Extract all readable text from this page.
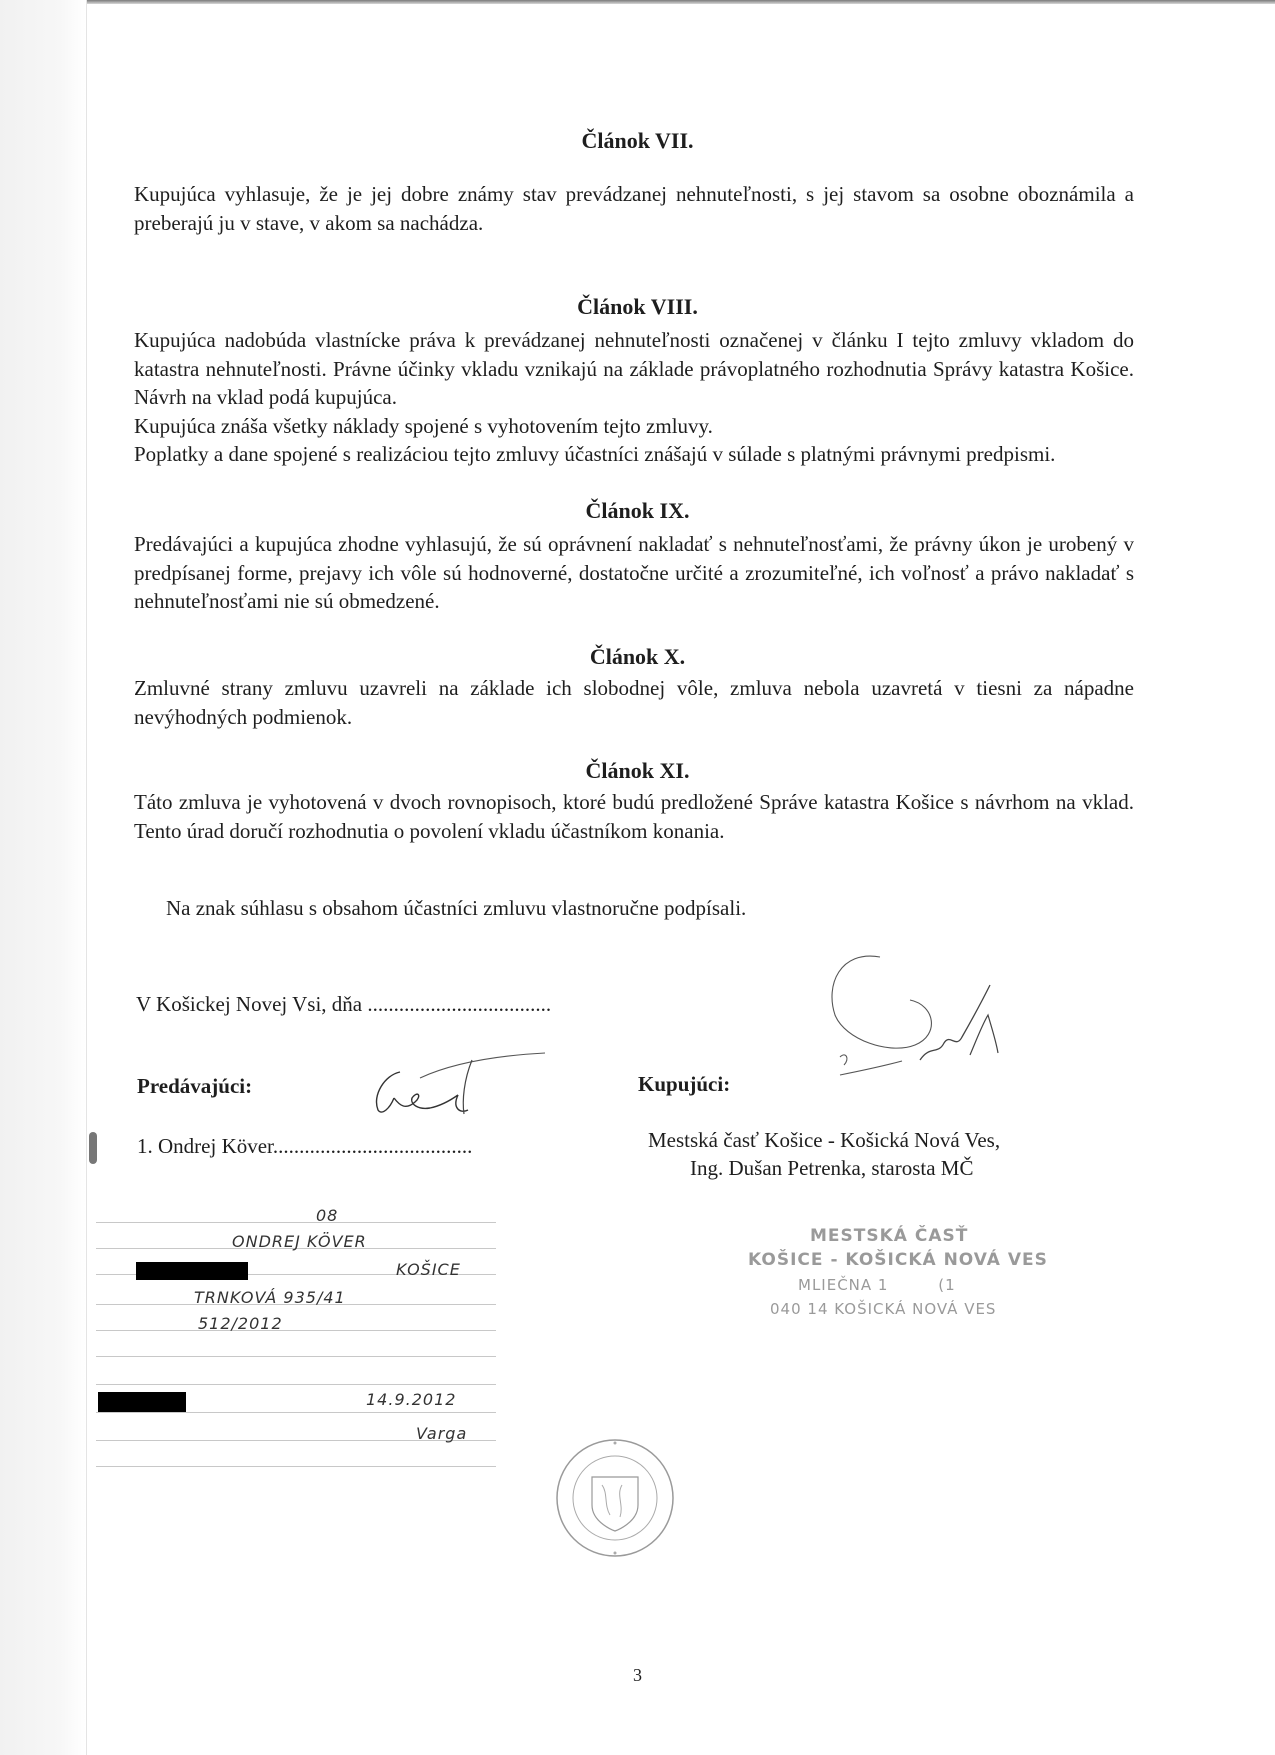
Článok VII.

Kupujúca vyhlasuje, že je jej dobre známy stav prevádzanej nehnuteľnosti, s jej stavom sa osobne oboznámila a preberajú ju v stave, v akom sa nachádza.

Článok VIII.

Kupujúca nadobúda vlastnícke práva k prevádzanej nehnuteľnosti označenej v článku I tejto zmluvy vkladom do katastra nehnuteľnosti. Právne účinky vkladu vznikajú na základe právoplatného rozhodnutia Správy katastra Košice. Návrh na vklad podá kupujúca.

Kupujúca znáša všetky náklady spojené s vyhotovením tejto zmluvy.

Poplatky a dane spojené s realizáciou tejto zmluvy účastníci znášajú v súlade s platnými právnymi predpismi.

Článok IX.

Predávajúci a kupujúca zhodne vyhlasujú, že sú oprávnení nakladať s nehnuteľnosťami, že právny úkon je urobený v predpísanej forme, prejavy ich vôle sú hodnoverné, dostatočne určité a zrozumiteľné, ich voľnosť a právo nakladať s nehnuteľnosťami nie sú obmedzené.

Článok X.

Zmluvné strany zmluvu uzavreli na základe ich slobodnej vôle, zmluva nebola uzavretá v tiesni za nápadne nevýhodných podmienok.

Článok XI.

Táto zmluva je vyhotovená v dvoch rovnopisoch, ktoré budú predložené Správe katastra Košice s návrhom na vklad. Tento úrad doručí rozhodnutia o povolení vkladu účastníkom konania.

Na znak súhlasu s obsahom účastníci zmluvu vlastnoručne podpísali.

V Košickej Novej Vsi, dňa ...................................

Predávajúci:

1. Ondrej Köver......................................

Kupujúci:

Mestská časť Košice - Košická Nová Ves,

Ing. Dušan Petrenka, starosta MČ

08

ONDREJ KÖVER

KOŠICE

TRNKOVÁ 935/41

512/2012

14.9.2012

Varga

MESTSKÁ ČASŤ

KOŠICE - KOŠICKÁ NOVÁ VES

MLIEČNA 1	(1

040 14 KOŠICKÁ NOVÁ VES

3
